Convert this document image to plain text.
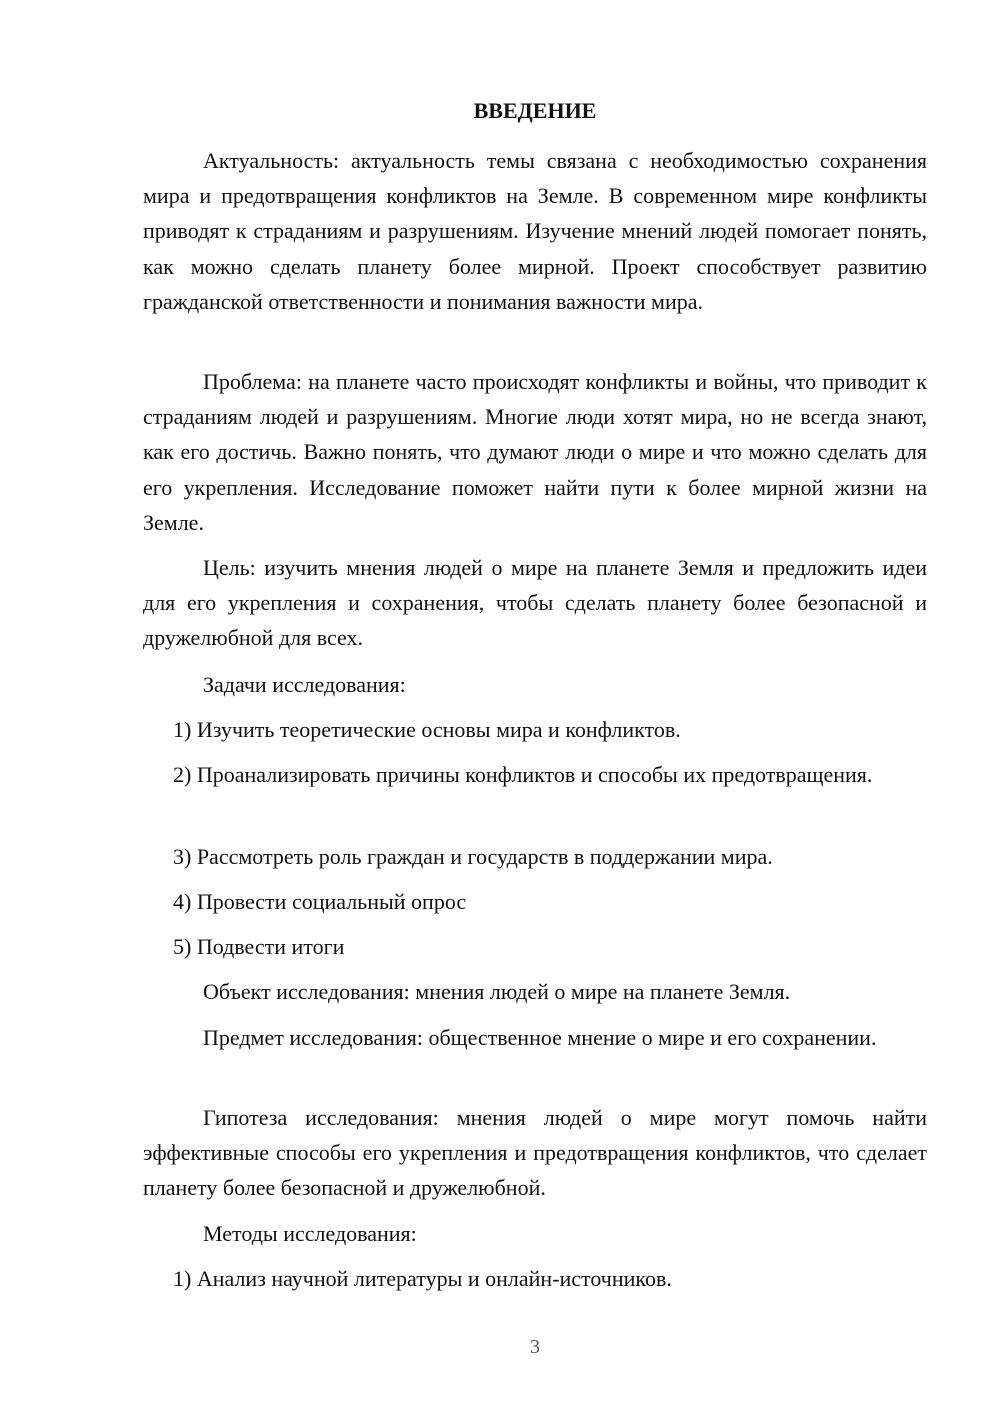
ВВЕДЕНИЕ

Актуальность: актуальность темы связана с необходимостью сохранения мира и предотвращения конфликтов на Земле. В современном мире конфликты приводят к страданиям и разрушениям. Изучение мнений людей помогает понять, как можно сделать планету более мирной. Проект способствует развитию гражданской ответственности и понимания важности мира.

Проблема: на планете часто происходят конфликты и войны, что приводит к страданиям людей и разрушениям. Многие люди хотят мира, но не всегда знают, как его достичь. Важно понять, что думают люди о мире и что можно сделать для его укрепления. Исследование поможет найти пути к более мирной жизни на Земле.

Цель: изучить мнения людей о мире на планете Земля и предложить идеи для его укрепления и сохранения, чтобы сделать планету более безопасной и дружелюбной для всех.

Задачи исследования:

1) Изучить теоретические основы мира и конфликтов.

2) Проанализировать причины конфликтов и способы их предотвращения.

3) Рассмотреть роль граждан и государств в поддержании мира.

4) Провести социальный опрос

5) Подвести итоги

Объект исследования: мнения людей о мире на планете Земля.

Предмет исследования: общественное мнение о мире и его сохранении.

Гипотеза исследования: мнения людей о мире могут помочь найти эффективные способы его укрепления и предотвращения конфликтов, что сделает планету более безопасной и дружелюбной.

Методы исследования:

1) Анализ научной литературы и онлайн-источников.

3
